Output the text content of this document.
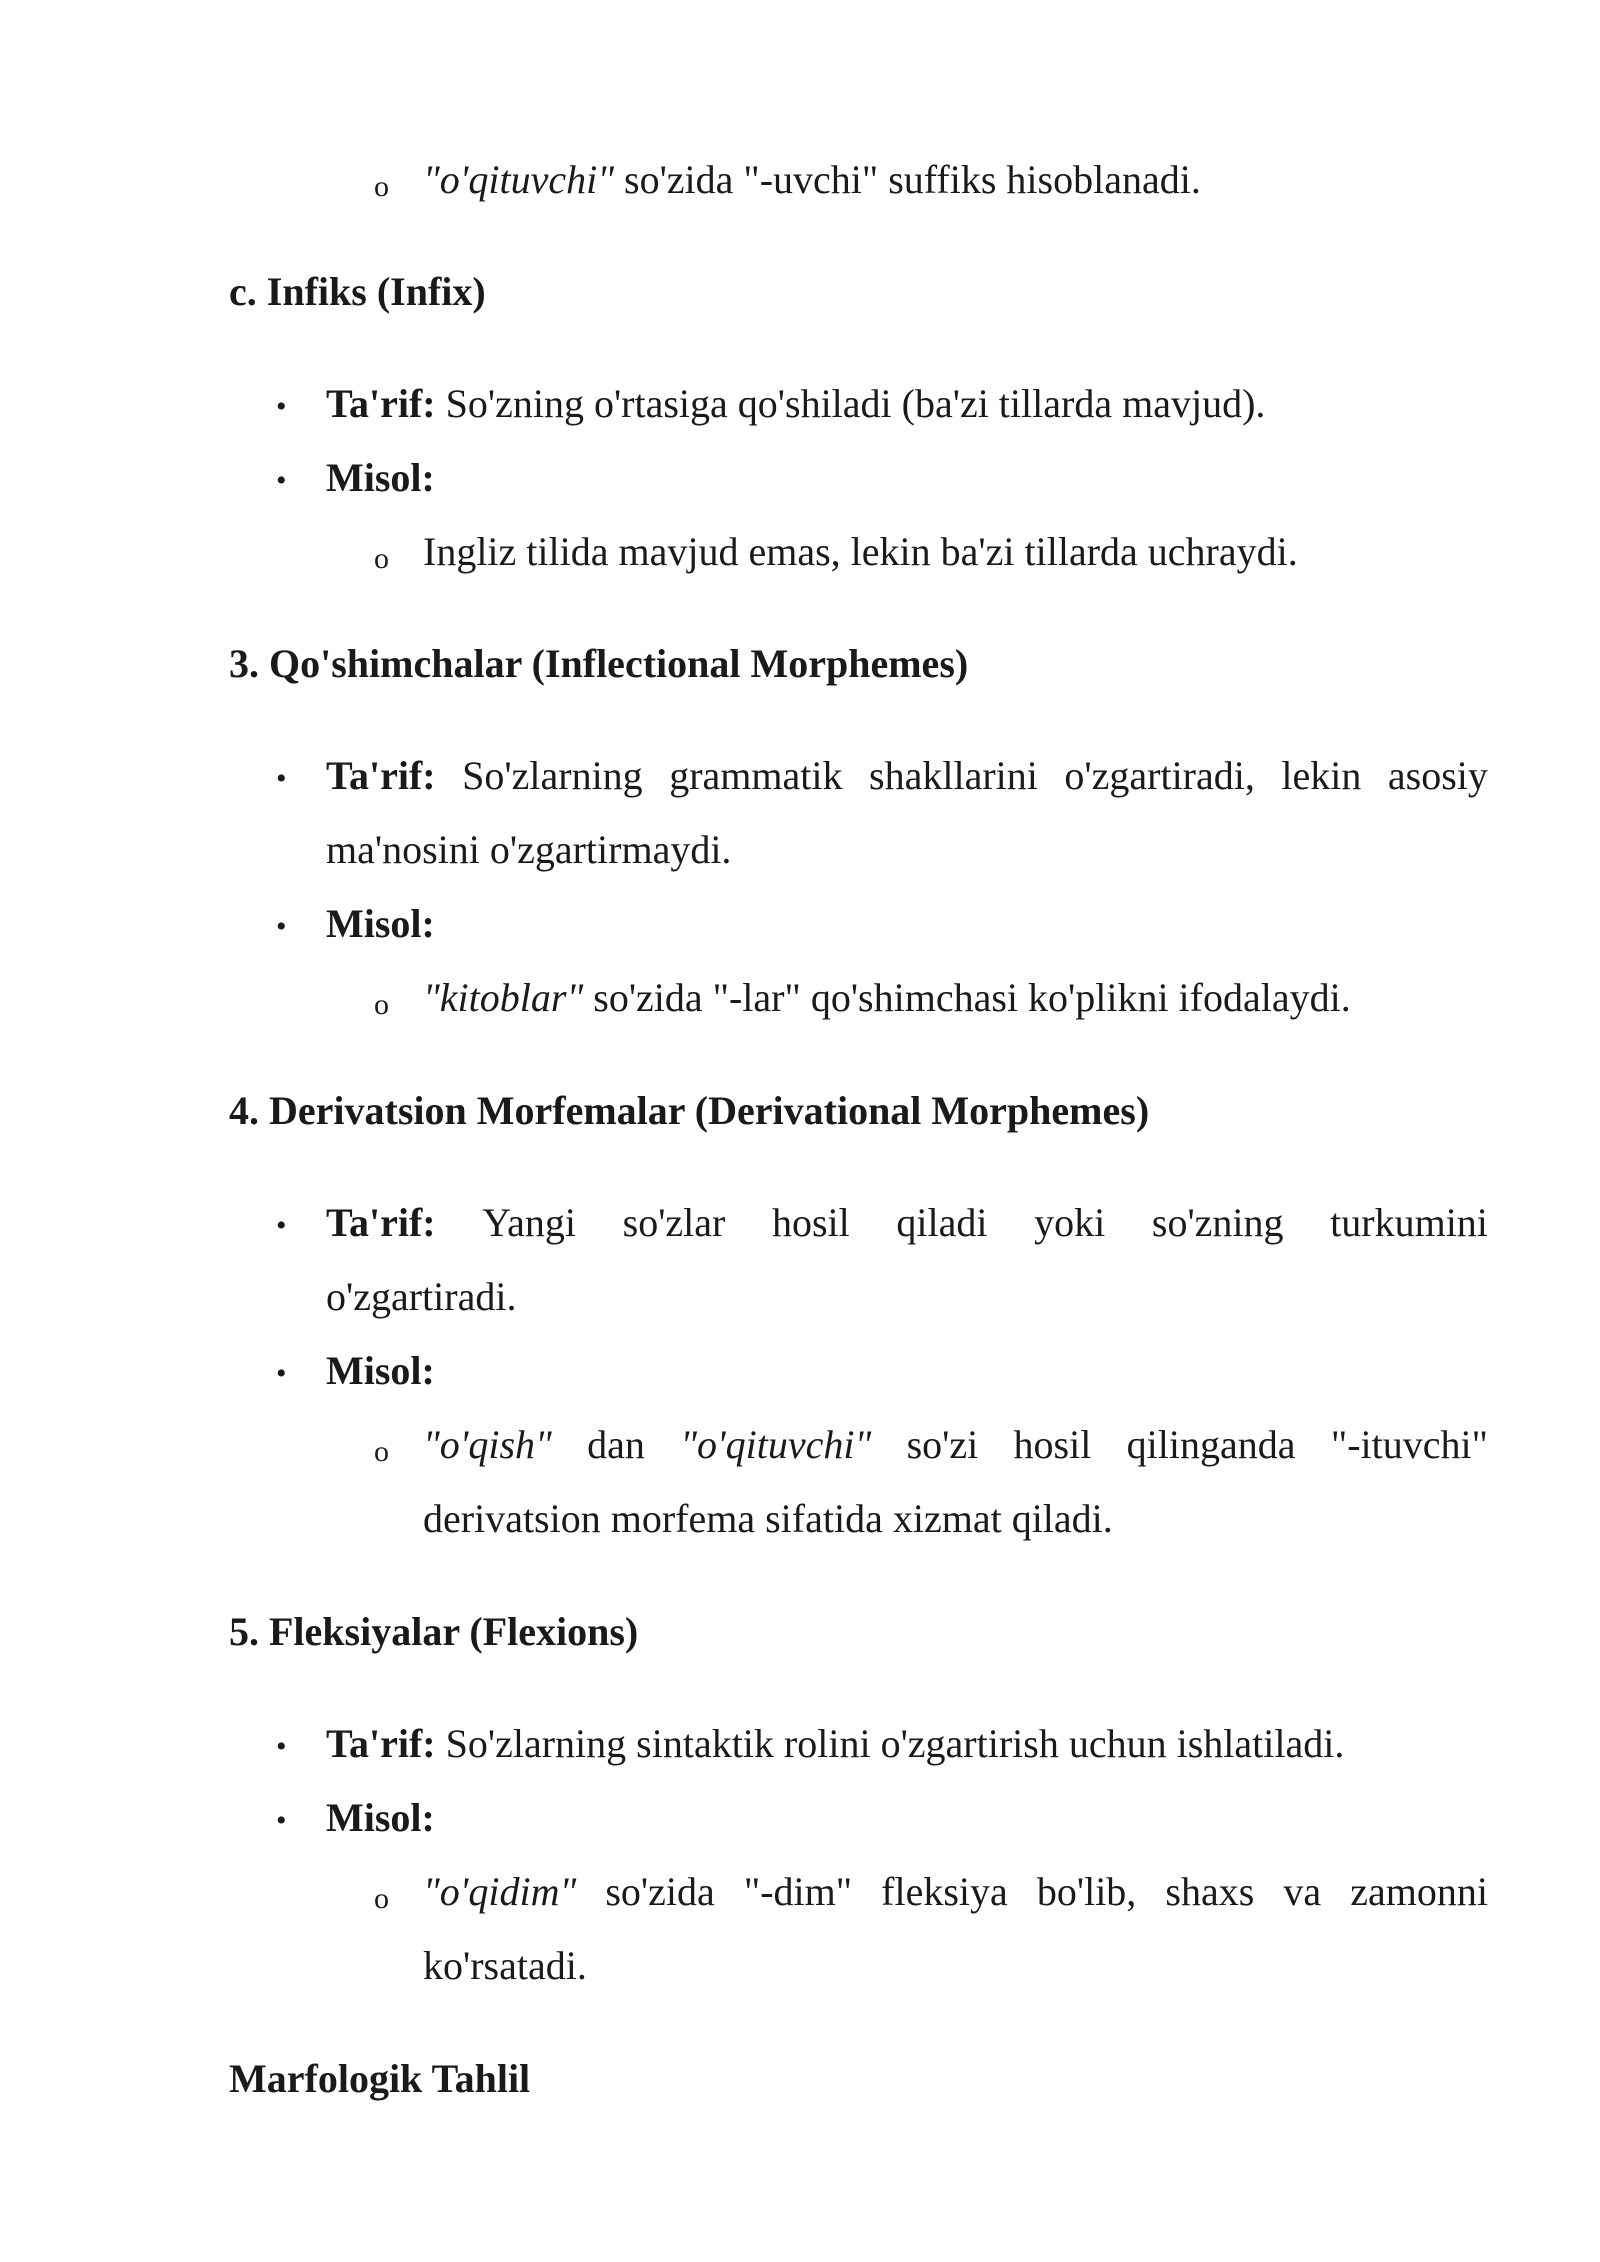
o "o'qituvchi" so'zida "-uvchi" suffiks hisoblanadi.
c. Infiks (Infix)
• Ta'rif: So'zning o'rtasiga qo'shiladi (ba'zi tillarda mavjud).
• Misol:
o Ingliz tilida mavjud emas, lekin ba'zi tillarda uchraydi.
3. Qo'shimchalar (Inflectional Morphemes)
• Ta'rif: So'zlarning grammatik shakllarini o'zgartiradi, lekin asosiy
ma'nosini o'zgartirmaydi.
• Misol:
o "kitoblar" so'zida "-lar" qo'shimchasi ko'plikni ifodalaydi.
4. Derivatsion Morfemalar (Derivational Morphemes)
• Ta'rif: Yangi so'zlar hosil qiladi yoki so'zning turkumini
o'zgartiradi.
• Misol:
o "o'qish" dan "o'qituvchi" so'zi hosil qilinganda "-ituvchi"
derivatsion morfema sifatida xizmat qiladi.
5. Fleksiyalar (Flexions)
• Ta'rif: So'zlarning sintaktik rolini o'zgartirish uchun ishlatiladi.
• Misol:
o "o'qidim" so'zida "-dim" fleksiya bo'lib, shaxs va zamonni
ko'rsatadi.
Marfologik Tahlil
